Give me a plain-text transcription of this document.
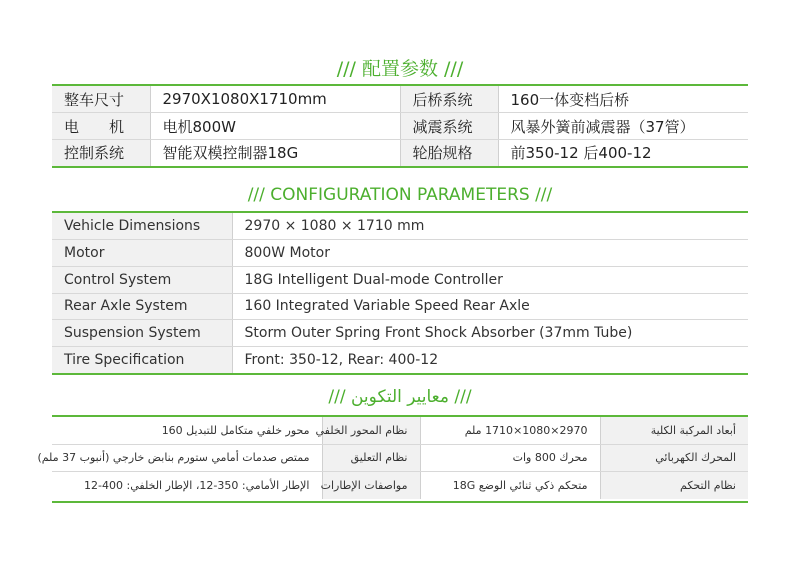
/// 配置参数 ///
整车尺寸	2970X1080X1710mm	后桥系统	160一体变档后桥
电　　机	电机800W	减震系统	风暴外簧前减震器（37管）
控制系统	智能双模控制器18G	轮胎规格	前350-12 后400-12
/// CONFIGURATION PARAMETERS ///
Vehicle Dimensions	2970 × 1080 × 1710 mm
Motor	800W Motor
Control System	18G Intelligent Dual-mode Controller
Rear Axle System	160 Integrated Variable Speed Rear Axle
Suspension System	Storm Outer Spring Front Shock Absorber (37mm Tube)
Tire Specification	Front: 350-12, Rear: 400-12
/// معايير التكوين ///
محور خلفي متكامل للتبديل 160	نظام المحور الخلفي	2970×1080×1710 ملم	أبعاد المركبة الكلية
ممتص صدمات أمامي ستورم بنابض خارجي (أنبوب 37 ملم)	نظام التعليق	محرك 800 وات	المحرك الكهربائي
الإطار الأمامي: 350-12، الإطار الخلفي: 400-12	مواصفات الإطارات	متحكم ذكي ثنائي الوضع 18G	نظام التحكم
